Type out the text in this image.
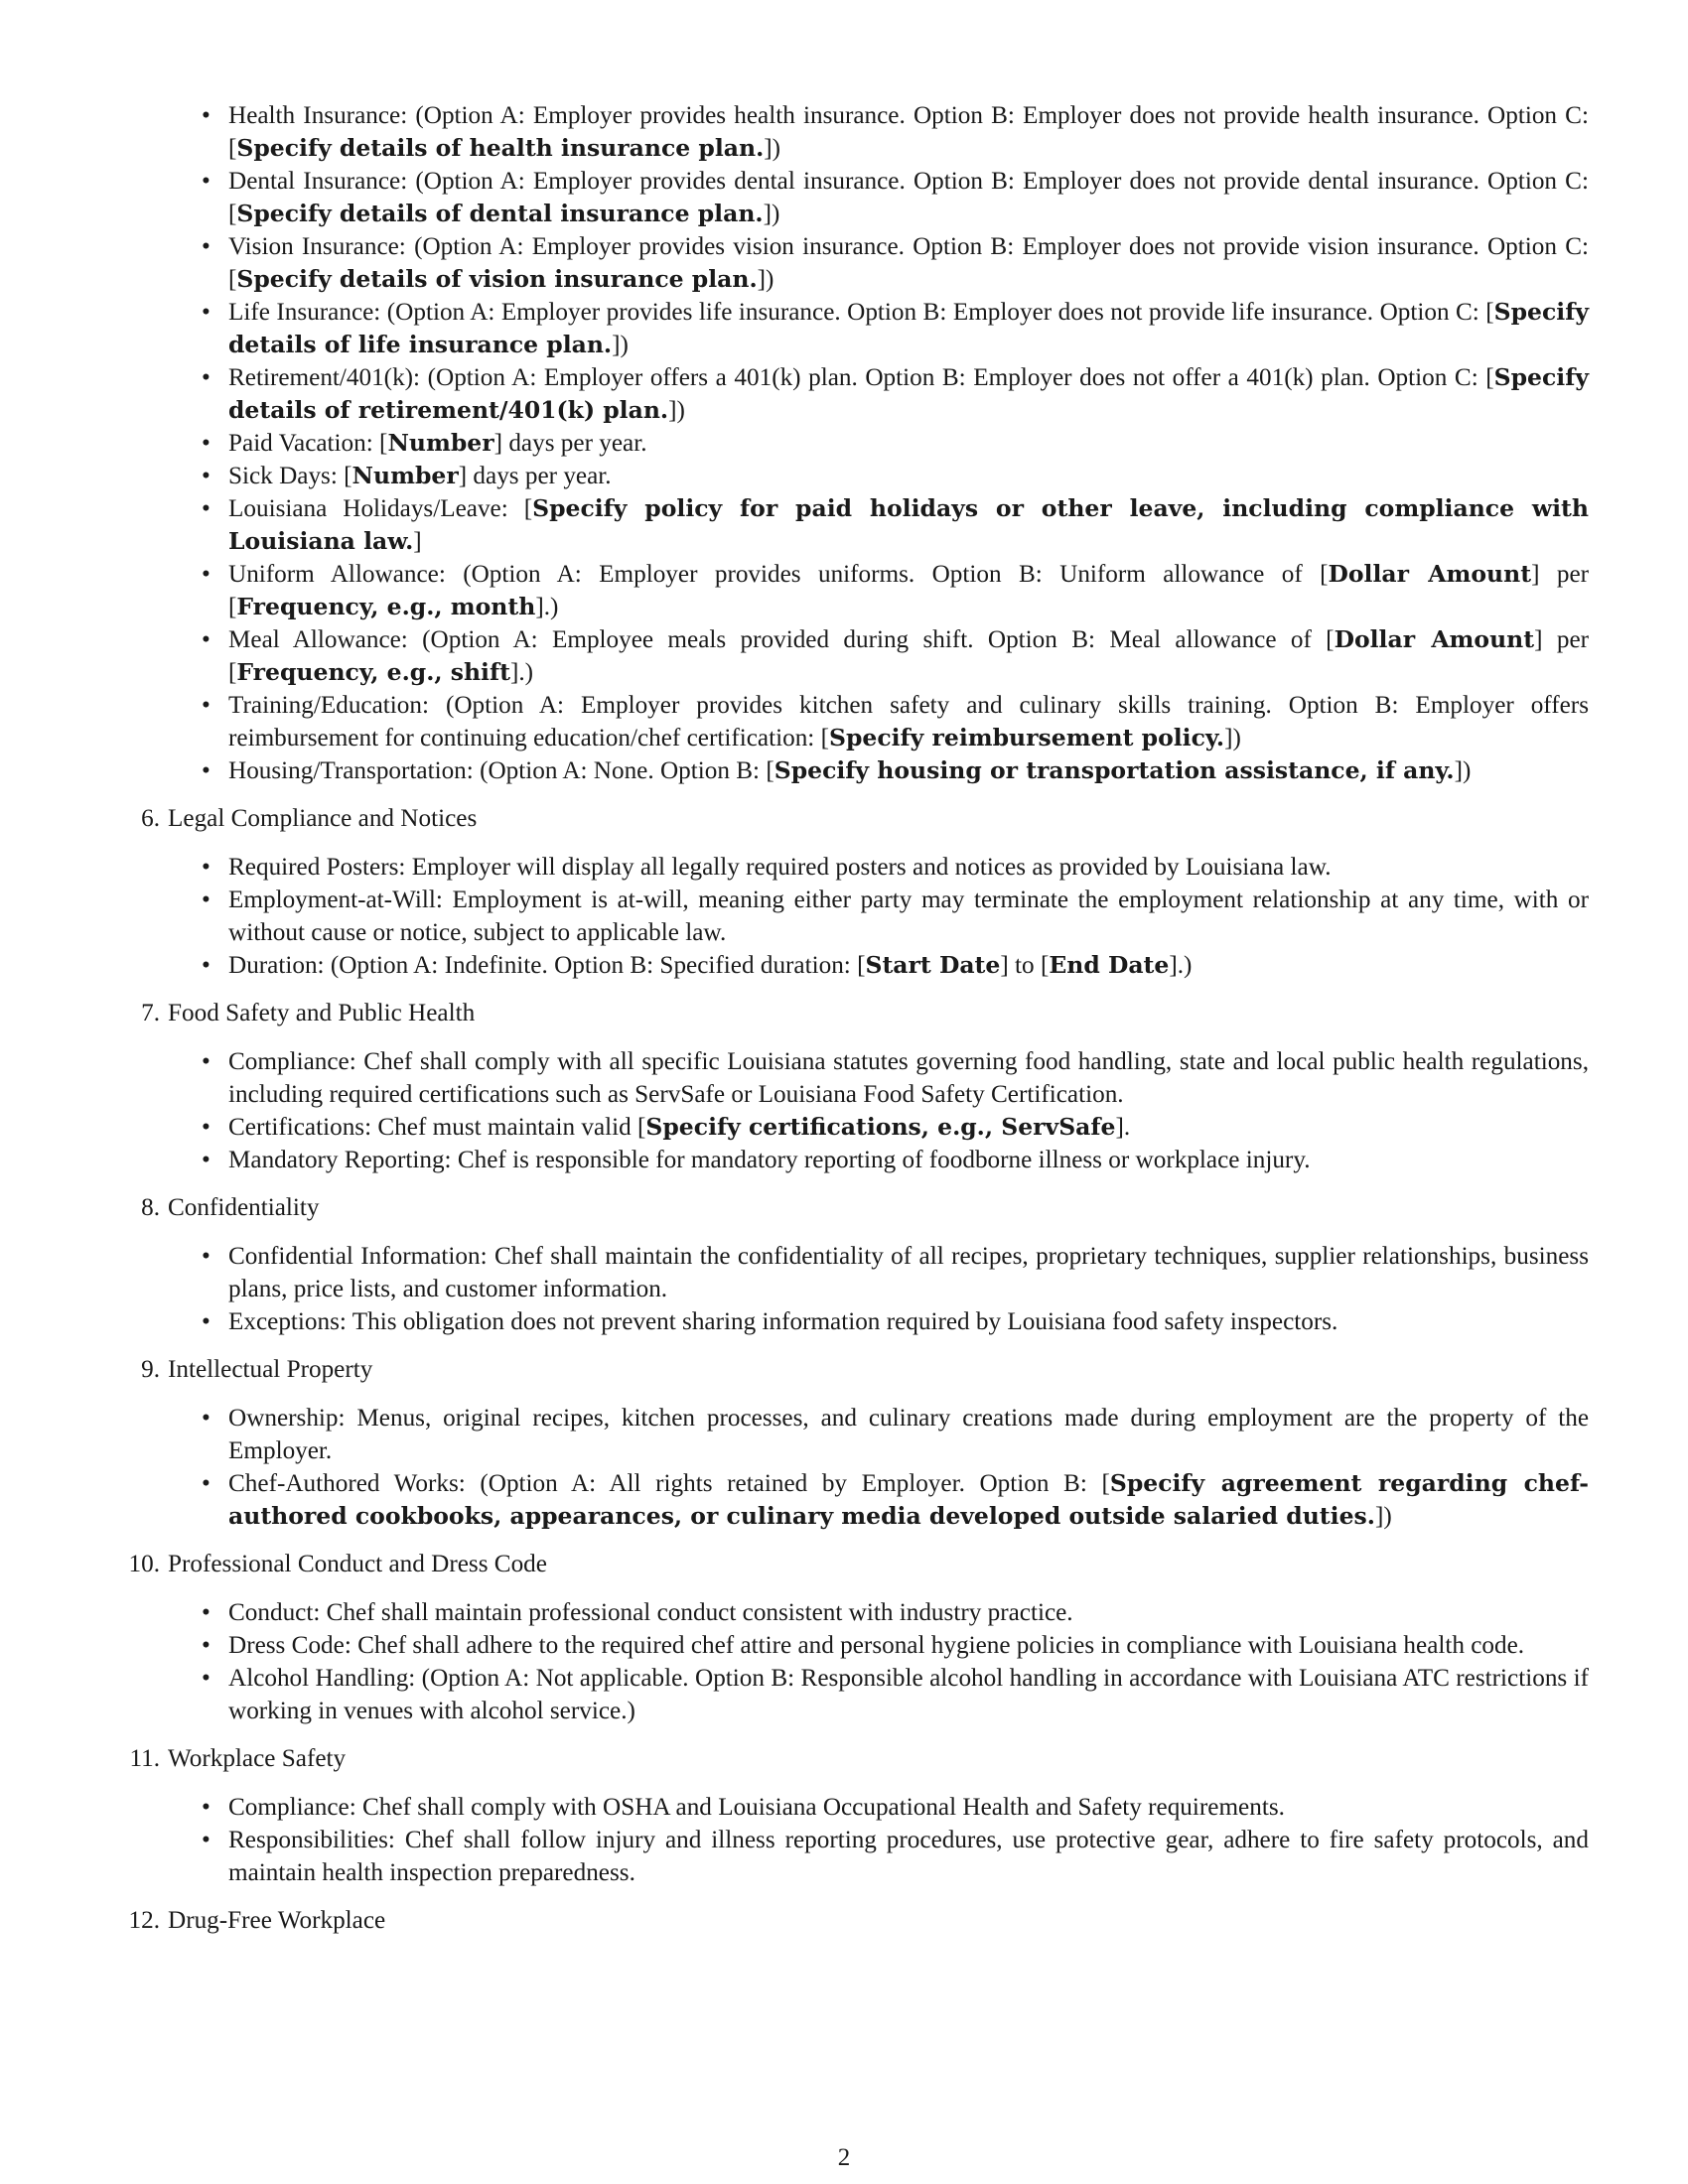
• Health Insurance: (Option A: Employer provides health insurance. Option B: Employer does not provide health insurance. Option C: [Specify details of health insurance plan.])
• Dental Insurance: (Option A: Employer provides dental insurance. Option B: Employer does not provide dental insurance. Option C: [Specify details of dental insurance plan.])
• Vision Insurance: (Option A: Employer provides vision insurance. Option B: Employer does not provide vision insurance. Option C: [Specify details of vision insurance plan.])
• Life Insurance: (Option A: Employer provides life insurance. Option B: Employer does not provide life insurance. Option C: [Specify details of life insurance plan.])
• Retirement/401(k): (Option A: Employer offers a 401(k) plan. Option B: Employer does not offer a 401(k) plan. Option C: [Specify details of retirement/401(k) plan.])
• Paid Vacation: [Number] days per year.
• Sick Days: [Number] days per year.
• Louisiana Holidays/Leave: [Specify policy for paid holidays or other leave, including compliance with Louisiana law.]
• Uniform Allowance: (Option A: Employer provides uniforms. Option B: Uniform allowance of [Dollar Amount] per [Frequency, e.g., month].)
• Meal Allowance: (Option A: Employee meals provided during shift. Option B: Meal allowance of [Dollar Amount] per [Frequency, e.g., shift].)
• Training/Education: (Option A: Employer provides kitchen safety and culinary skills training. Option B: Employer offers reimbursement for continuing education/chef certification: [Specify reimbursement policy.])
• Housing/Transportation: (Option A: None. Option B: [Specify housing or transportation assistance, if any.])
6. Legal Compliance and Notices
• Required Posters: Employer will display all legally required posters and notices as provided by Louisiana law.
• Employment-at-Will: Employment is at-will, meaning either party may terminate the employment relationship at any time, with or without cause or notice, subject to applicable law.
• Duration: (Option A: Indefinite. Option B: Specified duration: [Start Date] to [End Date].)
7. Food Safety and Public Health
• Compliance: Chef shall comply with all specific Louisiana statutes governing food handling, state and local public health regulations, including required certifications such as ServSafe or Louisiana Food Safety Certification.
• Certifications: Chef must maintain valid [Specify certifications, e.g., ServSafe].
• Mandatory Reporting: Chef is responsible for mandatory reporting of foodborne illness or workplace injury.
8. Confidentiality
• Confidential Information: Chef shall maintain the confidentiality of all recipes, proprietary techniques, supplier relationships, business plans, price lists, and customer information.
• Exceptions: This obligation does not prevent sharing information required by Louisiana food safety inspectors.
9. Intellectual Property
• Ownership: Menus, original recipes, kitchen processes, and culinary creations made during employment are the property of the Employer.
• Chef-Authored Works: (Option A: All rights retained by Employer. Option B: [Specify agreement regarding chef-authored cookbooks, appearances, or culinary media developed outside salaried duties.])
10. Professional Conduct and Dress Code
• Conduct: Chef shall maintain professional conduct consistent with industry practice.
• Dress Code: Chef shall adhere to the required chef attire and personal hygiene policies in compliance with Louisiana health code.
• Alcohol Handling: (Option A: Not applicable. Option B: Responsible alcohol handling in accordance with Louisiana ATC restrictions if working in venues with alcohol service.)
11. Workplace Safety
• Compliance: Chef shall comply with OSHA and Louisiana Occupational Health and Safety requirements.
• Responsibilities: Chef shall follow injury and illness reporting procedures, use protective gear, adhere to fire safety protocols, and maintain health inspection preparedness.
12. Drug-Free Workplace
2
